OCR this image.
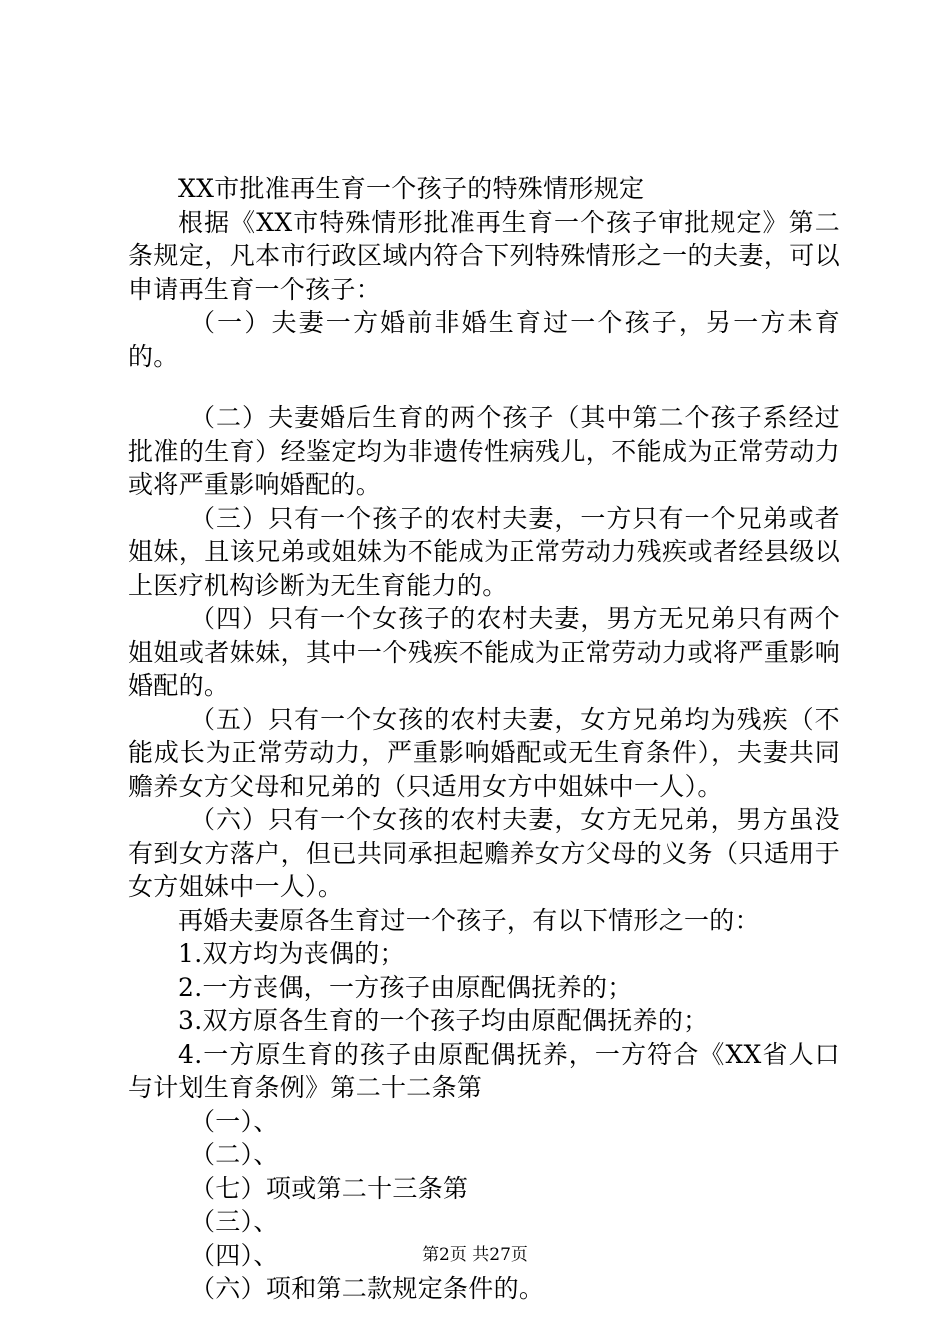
XX市批准再生育一个孩子的特殊情形规定

根据《XX市特殊情形批准再生育一个孩子审批规定》第二条规定，凡本市行政区域内符合下列特殊情形之一的夫妻，可以申请再生育一个孩子：

（一）夫妻一方婚前非婚生育过一个孩子，另一方未育的。

（二）夫妻婚后生育的两个孩子（其中第二个孩子系经过批准的生育）经鉴定均为非遗传性病残儿，不能成为正常劳动力或将严重影响婚配的。

（三）只有一个孩子的农村夫妻，一方只有一个兄弟或者姐妹，且该兄弟或姐妹为不能成为正常劳动力残疾或者经县级以上医疗机构诊断为无生育能力的。

（四）只有一个女孩子的农村夫妻，男方无兄弟只有两个姐姐或者妹妹，其中一个残疾不能成为正常劳动力或将严重影响婚配的。

（五）只有一个女孩的农村夫妻，女方兄弟均为残疾（不能成长为正常劳动力，严重影响婚配或无生育条件），夫妻共同赡养女方父母和兄弟的（只适用女方中姐妹中一人）。

（六）只有一个女孩的农村夫妻，女方无兄弟，男方虽没有到女方落户，但已共同承担起赡养女方父母的义务（只适用于女方姐妹中一人）。

再婚夫妻原各生育过一个孩子，有以下情形之一的：

1.双方均为丧偶的；

2.一方丧偶，一方孩子由原配偶抚养的；

3.双方原各生育的一个孩子均由原配偶抚养的；

4.一方原生育的孩子由原配偶抚养，一方符合《XX省人口与计划生育条例》第二十二条第

（一）、

（二）、

（七）项或第二十三条第

（三）、

（四）、

（六）项和第二款规定条件的。

第2页 共27页
